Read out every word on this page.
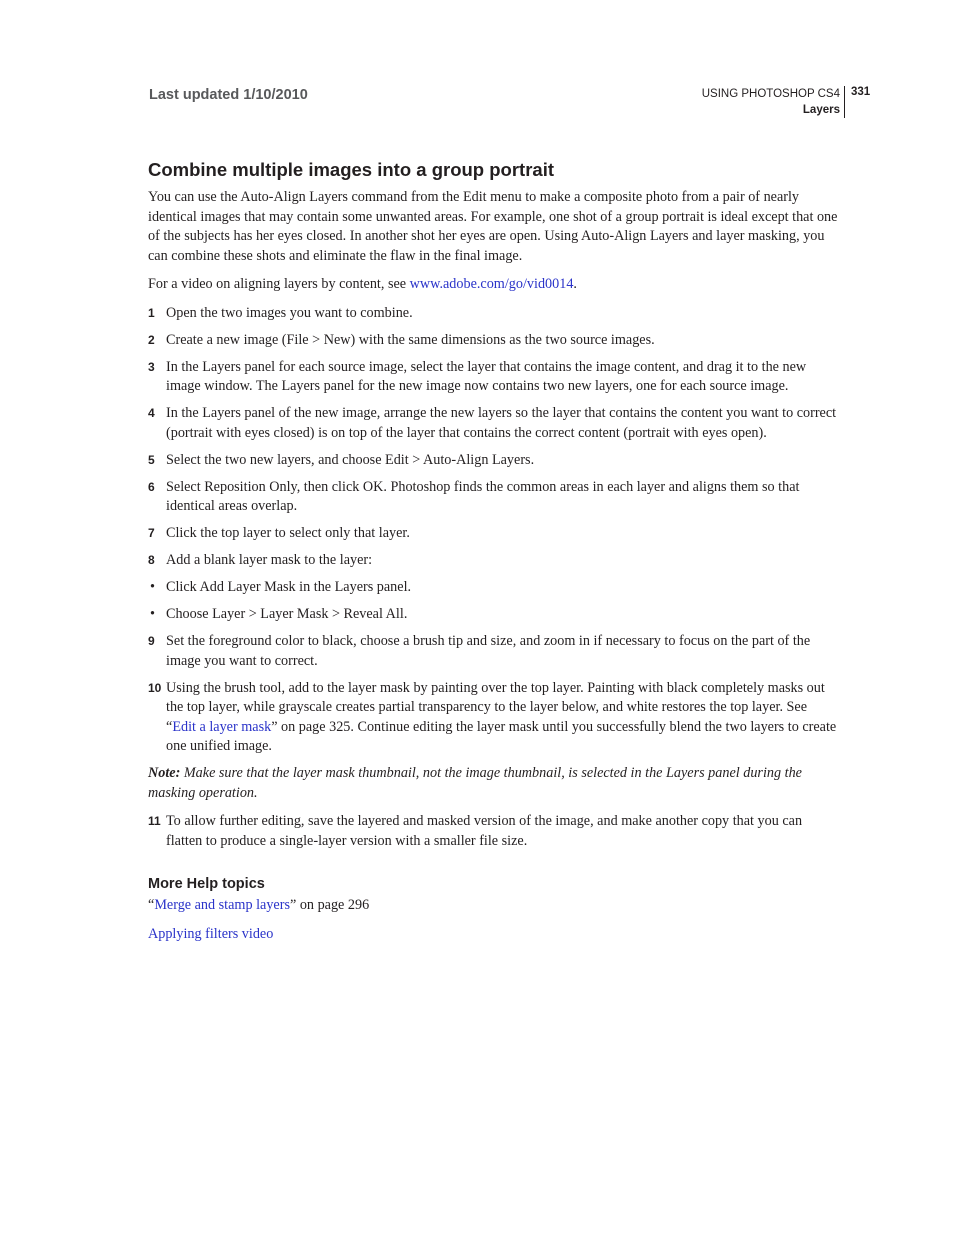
Last updated 1/10/2010	USING PHOTOSHOP CS4
Layers
331
Combine multiple images into a group portrait

You can use the Auto-Align Layers command from the Edit menu to make a composite photo from a pair of nearly identical images that may contain some unwanted areas. For example, one shot of a group portrait is ideal except that one of the subjects has her eyes closed. In another shot her eyes are open. Using Auto-Align Layers and layer masking, you can combine these shots and eliminate the flaw in the final image.

For a video on aligning layers by content, see www.adobe.com/go/vid0014.

1 Open the two images you want to combine.
2 Create a new image (File > New) with the same dimensions as the two source images.
3 In the Layers panel for each source image, select the layer that contains the image content, and drag it to the new image window. The Layers panel for the new image now contains two new layers, one for each source image.
4 In the Layers panel of the new image, arrange the new layers so the layer that contains the content you want to correct (portrait with eyes closed) is on top of the layer that contains the correct content (portrait with eyes open).
5 Select the two new layers, and choose Edit > Auto-Align Layers.
6 Select Reposition Only, then click OK. Photoshop finds the common areas in each layer and aligns them so that identical areas overlap.
7 Click the top layer to select only that layer.
8 Add a blank layer mask to the layer:
• Click Add Layer Mask in the Layers panel.
• Choose Layer > Layer Mask > Reveal All.
9 Set the foreground color to black, choose a brush tip and size, and zoom in if necessary to focus on the part of the image you want to correct.
10 Using the brush tool, add to the layer mask by painting over the top layer. Painting with black completely masks out the top layer, while grayscale creates partial transparency to the layer below, and white restores the top layer. See “Edit a layer mask” on page 325. Continue editing the layer mask until you successfully blend the two layers to create one unified image.

Note: Make sure that the layer mask thumbnail, not the image thumbnail, is selected in the Layers panel during the masking operation.

11 To allow further editing, save the layered and masked version of the image, and make another copy that you can flatten to produce a single-layer version with a smaller file size.
More Help topics
“Merge and stamp layers” on page 296
Applying filters video
